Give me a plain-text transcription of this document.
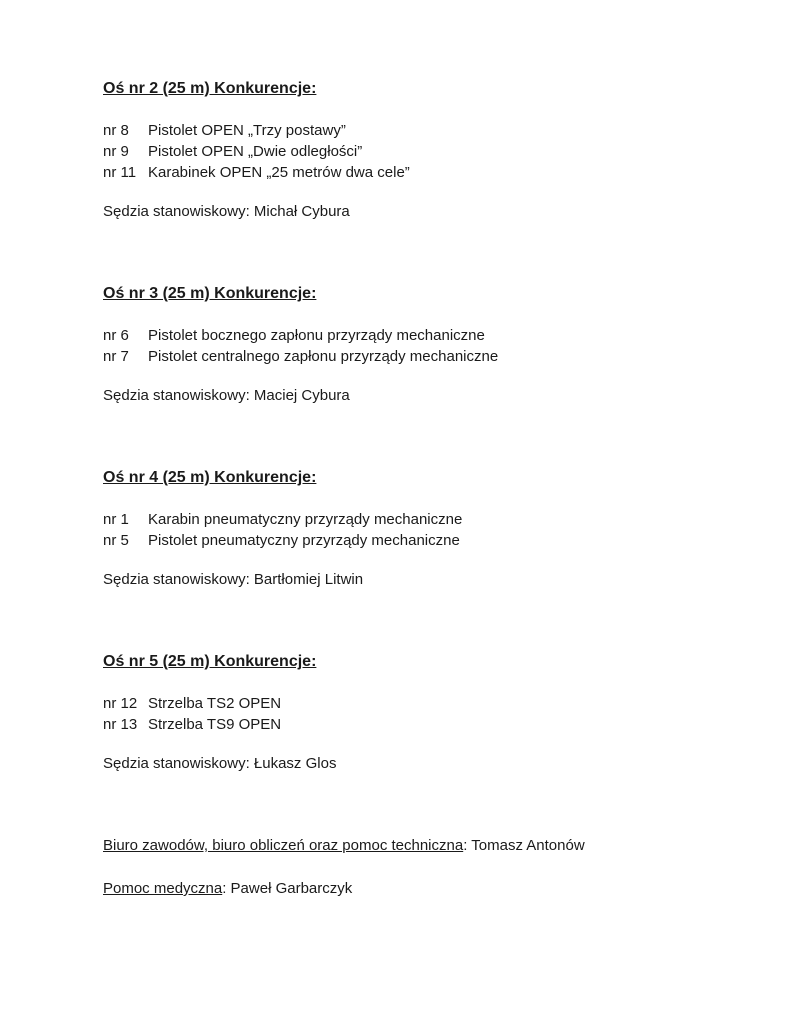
Oś nr 2 (25 m) Konkurencje:
nr 8	Pistolet OPEN „Trzy postawy”
nr 9	Pistolet OPEN „Dwie odległości”
nr 11 Karabinek OPEN „25 metrów dwa cele”

Sędzia stanowiskowy: Michał Cybura

Oś nr 3 (25 m) Konkurencje:
nr 6	Pistolet bocznego zapłonu przyrządy mechaniczne
nr 7	Pistolet centralnego zapłonu przyrządy mechaniczne

Sędzia stanowiskowy: Maciej Cybura

Oś nr 4 (25 m) Konkurencje:
nr 1	Karabin pneumatyczny przyrządy mechaniczne
nr 5	Pistolet pneumatyczny przyrządy mechaniczne

Sędzia stanowiskowy: Bartłomiej Litwin

Oś nr 5 (25 m) Konkurencje:
nr 12 Strzelba TS2 OPEN
nr 13 Strzelba TS9 OPEN

Sędzia stanowiskowy: Łukasz Glos

Biuro zawodów, biuro obliczeń oraz pomoc techniczna: Tomasz Antonów

Pomoc medyczna: Paweł Garbarczyk
